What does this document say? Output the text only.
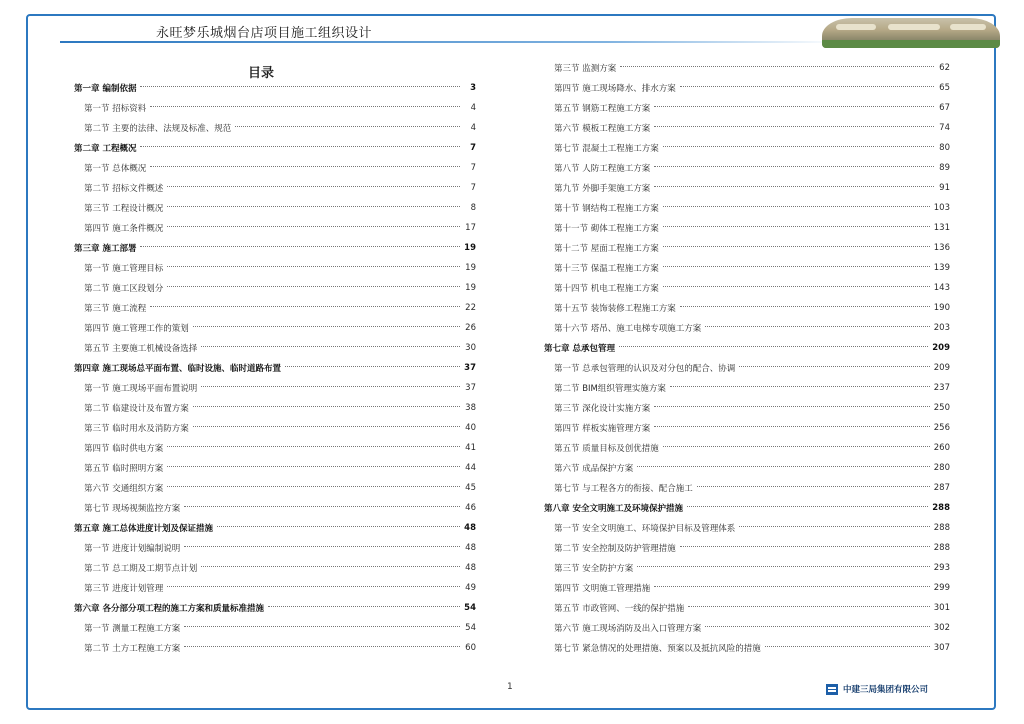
永旺梦乐城烟台店项目施工组织设计
目录
第一章 编制依据	3
第一节 招标资料	4
第二节 主要的法律、法规及标准、规范	4
第二章 工程概况	7
第一节 总体概况	7
第二节 招标文件概述	7
第三节 工程设计概况	8
第四节 施工条件概况	17
第三章 施工部署	19
第一节 施工管理目标	19
第二节 施工区段划分	19
第三节 施工流程	22
第四节 施工管理工作的策划	26
第五节 主要施工机械设备选择	30
第四章 施工现场总平面布置、临时设施、临时道路布置	37
第一节 施工现场平面布置说明	37
第二节 临建设计及布置方案	38
第三节 临时用水及消防方案	40
第四节 临时供电方案	41
第五节 临时照明方案	44
第六节 交通组织方案	45
第七节 现场视频监控方案	46
第五章 施工总体进度计划及保证措施	48
第一节 进度计划编制说明	48
第二节 总工期及工期节点计划	48
第三节 进度计划管理	49
第六章 各分部分项工程的施工方案和质量标准措施	54
第一节 测量工程施工方案	54
第二节 土方工程施工方案	60
第三节 监测方案	62
第四节 施工现场降水、排水方案	65
第五节 钢筋工程施工方案	67
第六节 模板工程施工方案	74
第七节 混凝土工程施工方案	80
第八节 人防工程施工方案	89
第九节 外脚手架施工方案	91
第十节 钢结构工程施工方案	103
第十一节 砌体工程施工方案	131
第十二节 屋面工程施工方案	136
第十三节 保温工程施工方案	139
第十四节 机电工程施工方案	143
第十五节 装饰装修工程施工方案	190
第十六节 塔吊、施工电梯专项施工方案	203
第七章 总承包管理	209
第一节 总承包管理的认识及对分包的配合、协调	209
第二节 BIM组织管理实施方案	237
第三节 深化设计实施方案	250
第四节 样板实施管理方案	256
第五节 质量目标及创优措施	260
第六节 成品保护方案	280
第七节 与工程各方的衔接、配合施工	287
第八章 安全文明施工及环境保护措施	288
第一节 安全文明施工、环境保护目标及管理体系	288
第二节 安全控制及防护管理措施	288
第三节 安全防护方案	293
第四节 文明施工管理措施	299
第五节 市政管网、一线的保护措施	301
第六节 施工现场消防及出入口管理方案	302
第七节 紧急情况的处理措施、预案以及抵抗风险的措施	307
1	中建三局集团有限公司
